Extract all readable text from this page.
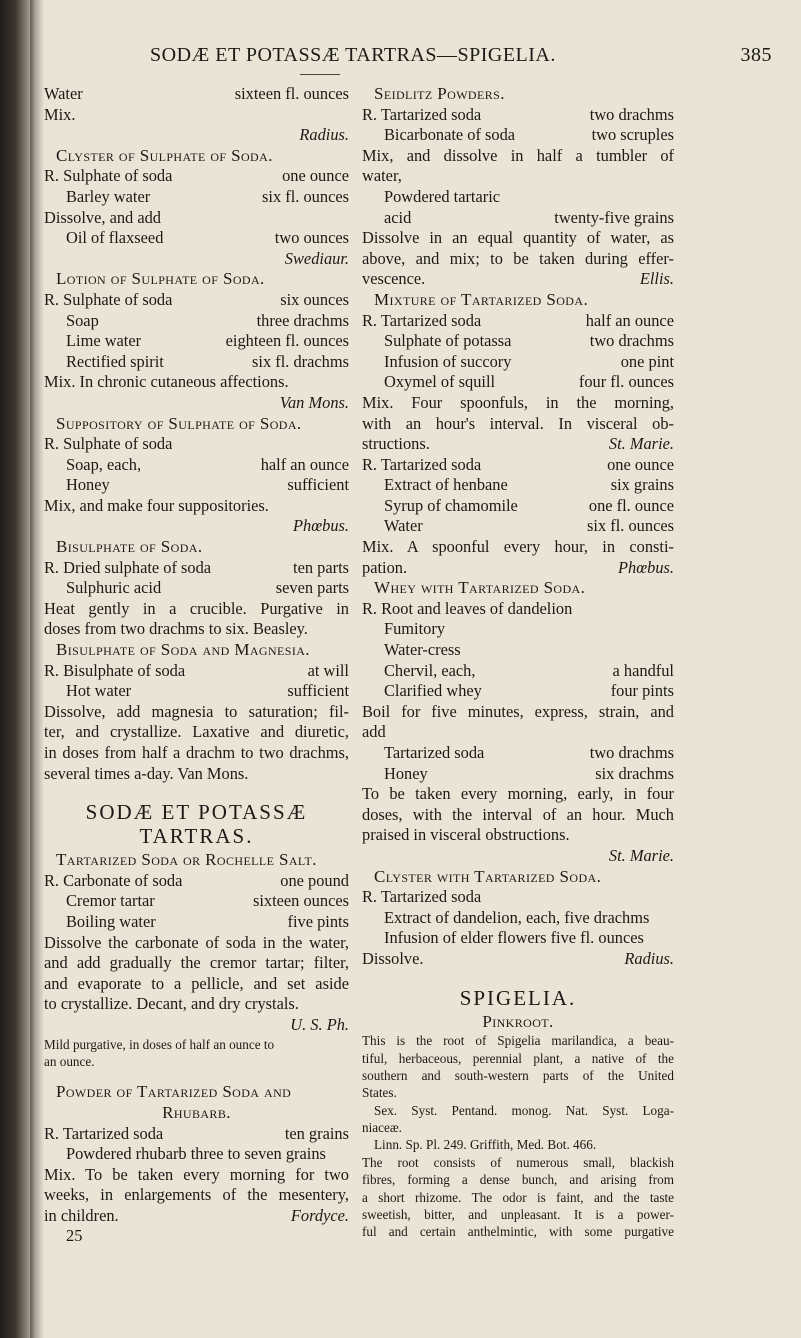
SODÆ ET POTASSÆ TARTRAS—SPIGELIA.	385
Water	sixteen fl. ounces
Mix.
Radius.
Clyster of Sulphate of Soda.
R. Sulphate of soda	one ounce
Barley water	six fl. ounces
Dissolve, and add
Oil of flaxseed	two ounces
Swediaur.
Lotion of Sulphate of Soda.
R. Sulphate of soda	six ounces
Soap	three drachms
Lime water	eighteen fl. ounces
Rectified spirit	six fl. drachms
Mix. In chronic cutaneous affections.
Van Mons.
Suppository of Sulphate of Soda.
R. Sulphate of soda
Soap, each,	half an ounce
Honey	sufficient
Mix, and make four suppositories.
Phœbus.
Bisulphate of Soda.
R. Dried sulphate of soda	ten parts
Sulphuric acid	seven parts
Heat gently in a crucible. Purgative in
doses from two drachms to six. Beasley.
Bisulphate of Soda and Magnesia.
R. Bisulphate of soda	at will
Hot water	sufficient
Dissolve, add magnesia to saturation; fil-
ter, and crystallize. Laxative and diuretic,
in doses from half a drachm to two drachms,
several times a-day. Van Mons.
SODÆ ET POTASSÆ
TARTRAS.
Tartarized Soda or Rochelle Salt.
R. Carbonate of soda	one pound
Cremor tartar	sixteen ounces
Boiling water	five pints
Dissolve the carbonate of soda in the water,
and add gradually the cremor tartar; filter,
and evaporate to a pellicle, and set aside
to crystallize. Decant, and dry crystals.
U. S. Ph.
Mild purgative, in doses of half an ounce to
an ounce.
Powder of Tartarized Soda and
Rhubarb.
R. Tartarized soda	ten grains
Powdered rhubarb three to seven grains
Mix. To be taken every morning for two
weeks, in enlargements of the mesentery,
in children.	Fordyce.
25
Seidlitz Powders.
R. Tartarized soda	two drachms
Bicarbonate of soda	two scruples
Mix, and dissolve in half a tumbler of
water,
Powdered tartaric
acid	twenty-five grains
Dissolve in an equal quantity of water, as
above, and mix; to be taken during effer-
vescence.	Ellis.
Mixture of Tartarized Soda.
R. Tartarized soda	half an ounce
Sulphate of potassa	two drachms
Infusion of succory	one pint
Oxymel of squill	four fl. ounces
Mix. Four spoonfuls, in the morning,
with an hour's interval. In visceral ob-
structions.	St. Marie.
R. Tartarized soda	one ounce
Extract of henbane	six grains
Syrup of chamomile	one fl. ounce
Water	six fl. ounces
Mix. A spoonful every hour, in consti-
pation.	Phœbus.
Whey with Tartarized Soda.
R. Root and leaves of dandelion
Fumitory
Water-cress
Chervil, each,	a handful
Clarified whey	four pints
Boil for five minutes, express, strain, and
add
Tartarized soda	two drachms
Honey	six drachms
To be taken every morning, early, in four
doses, with the interval of an hour. Much
praised in visceral obstructions.
St. Marie.
Clyster with Tartarized Soda.
R. Tartarized soda
Extract of dandelion, each, five drachms
Infusion of elder flowers five fl. ounces
Dissolve.	Radius.
SPIGELIA.
Pinkroot.
This is the root of Spigelia marilandica, a beau-
tiful, herbaceous, perennial plant, a native of the
southern and south-western parts of the United
States.
Sex. Syst. Pentand. monog. Nat. Syst. Loga-
niaceæ.
Linn. Sp. Pl. 249. Griffith, Med. Bot. 466.
The root consists of numerous small, blackish
fibres, forming a dense bunch, and arising from
a short rhizome. The odor is faint, and the taste
sweetish, bitter, and unpleasant. It is a power-
ful and certain anthelmintic, with some purgative
